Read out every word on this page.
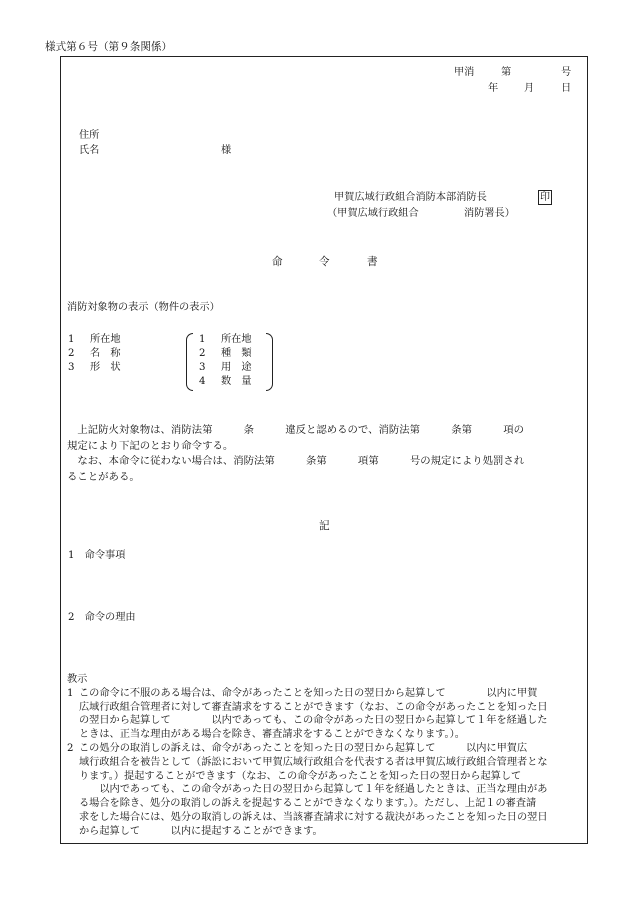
様式第６号（第９条関係）
甲消	第	号
年	月	日
住所
氏名	様
甲賀広域行政組合消防本部消防長	印
（甲賀広域行政組合	消防署長）
命	令	書
消防対象物の表示（物件の表示）
1 所在地
2 名　称
3 形　状
1 所在地
2 種　類
3 用　途
4 数　量

上記防火対象物は、消防法第　　　条　　　違反と認めるので、消防法第　　　条第　　　項の

規定により下記のとおり命令する。

なお、本命令に従わない場合は、消防法第　　　条第　　　項第　　　号の規定により処罰され

ることがある。

記
1　命令事項
2　命令の理由
教示
1 この命令に不服のある場合は、命令があったことを知った日の翌日から起算して　　　　以内に甲賀

広域行政組合管理者に対して審査請求をすることができます（なお、この命令があったことを知った日

の翌日から起算して　　　　以内であっても、この命令があった日の翌日から起算して１年を経過した

ときは、正当な理由がある場合を除き、審査請求をすることができなくなります。）。

2 この処分の取消しの訴えは、命令があったことを知った日の翌日から起算して　　　以内に甲賀広

域行政組合を被告として（訴訟において甲賀広域行政組合を代表する者は甲賀広域行政組合管理者とな

ります。）提起することができます（なお、この命令があったことを知った日の翌日から起算して

　　以内であっても、この命令があった日の翌日から起算して１年を経過したときは、正当な理由があ

る場合を除き、処分の取消しの訴えを提起することができなくなります。）。ただし、上記１の審査請

求をした場合には、処分の取消しの訴えは、当該審査請求に対する裁決があったことを知った日の翌日

から起算して　　　以内に提起することができます。
